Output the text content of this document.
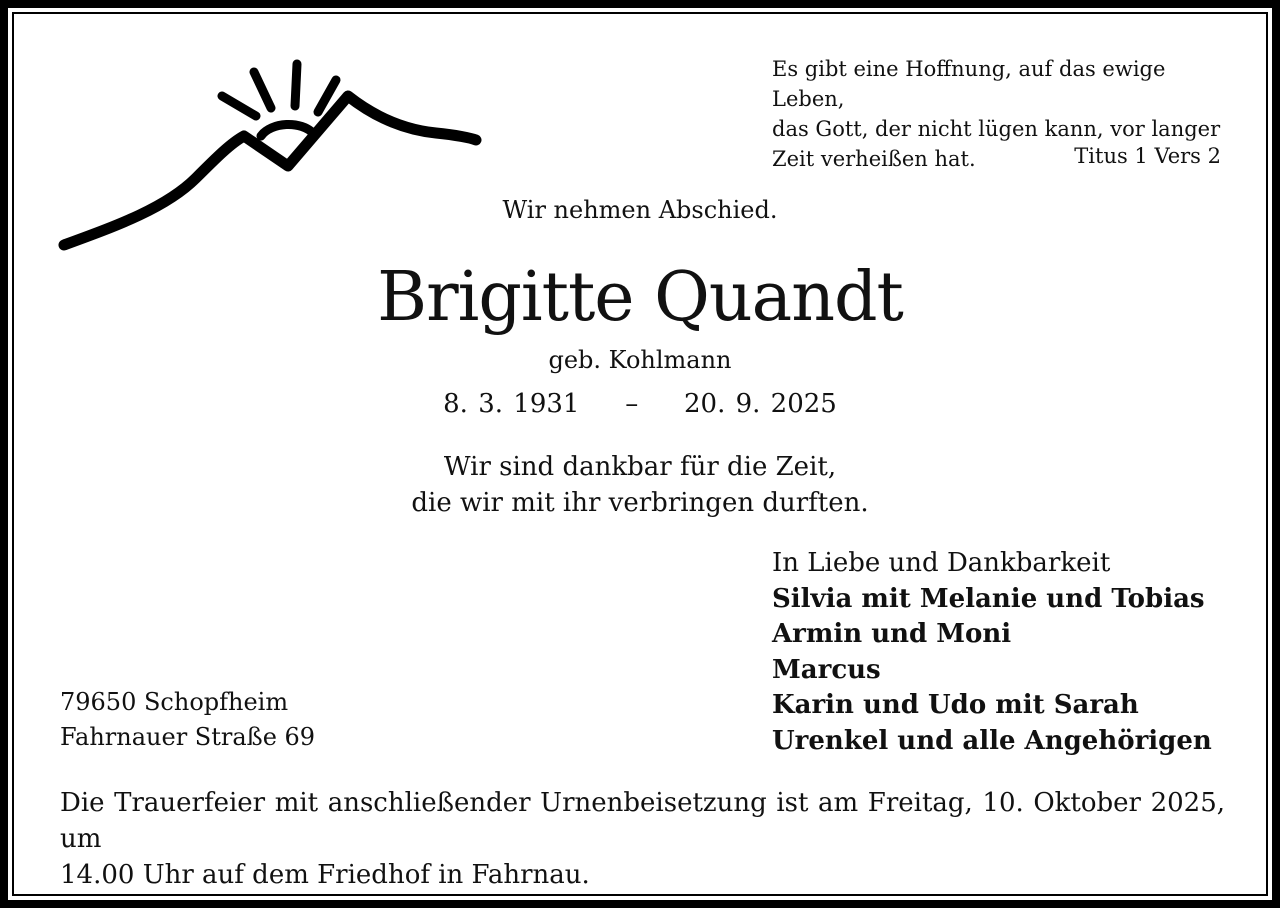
Es gibt eine Hoffnung, auf das ewige Leben,
das Gott, der nicht lügen kann, vor langer
Zeit verheißen hat.	Titus 1 Vers 2
Wir nehmen Abschied.
Brigitte Quandt
geb. Kohlmann
8. 3. 1931 – 20. 9. 2025
Wir sind dankbar für die Zeit,
die wir mit ihr verbringen durften.
In Liebe und Dankbarkeit
Silvia mit Melanie und Tobias
Armin und Moni
Marcus
Karin und Udo mit Sarah
Urenkel und alle Angehörigen
79650 Schopfheim
Fahrnauer Straße 69
Die Trauerfeier mit anschließender Urnenbeisetzung ist am Freitag, 10. Oktober 2025, um
14.00 Uhr auf dem Friedhof in Fahrnau.
